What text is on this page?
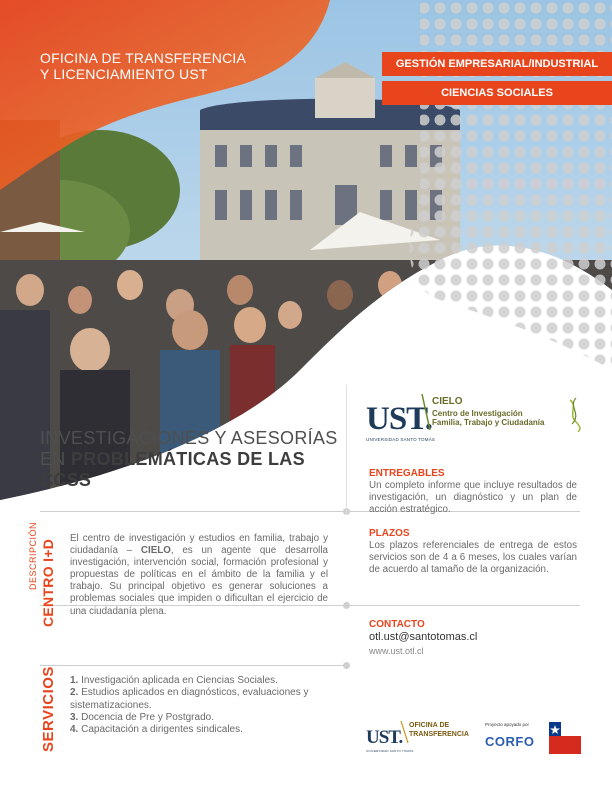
OFICINA DE TRANSFERENCIA
Y LICENCIAMIENTO UST
GESTIÓN EMPRESARIAL/INDUSTRIAL
CIENCIAS SOCIALES
UST.
UNIVERSIDAD SANTO TOMÁS
CIELO
Centro de Investigación
Familia, Trabajo y Ciudadanía
INVESTIGACIONES Y ASESORÍAS
EN PROBLEMÁTICAS DE LAS
CCSS
DESCRIPCIÓN CENTRO I+D
El centro de investigación y estudios en familia, trabajo y ciudadanía – CIELO, es un agente que desarrolla investigación, intervención social, formación profesional y propuestas de políticas en el ámbito de la familia y el trabajo. Su principal objetivo es generar soluciones a problemas sociales que impiden o dificultan el ejercicio de una ciudadanía plena.
SERVICIOS 1. Investigación aplicada en Ciencias Sociales.
2. Estudios aplicados en diagnósticos, evaluaciones y sistematizaciones.
3. Docencia de Pre y Postgrado.
4. Capacitación a dirigentes sindicales.
ENTREGABLES
Un completo informe que incluye resultados de investigación, un diagnóstico y un plan de acción estratégico.
PLAZOS
Los plazos referenciales de entrega de estos servicios son de 4 a 6 meses, los cuales varían de acuerdo al tamaño de la organización.
CONTACTO
otl.ust@santotomas.cl
www.ust.otl.cl
UST.
UNIVERSIDAD SANTO TOMÁS
OFICINA DE
TRANSFERENCIA
Proyecto apoyado por
CORFO
